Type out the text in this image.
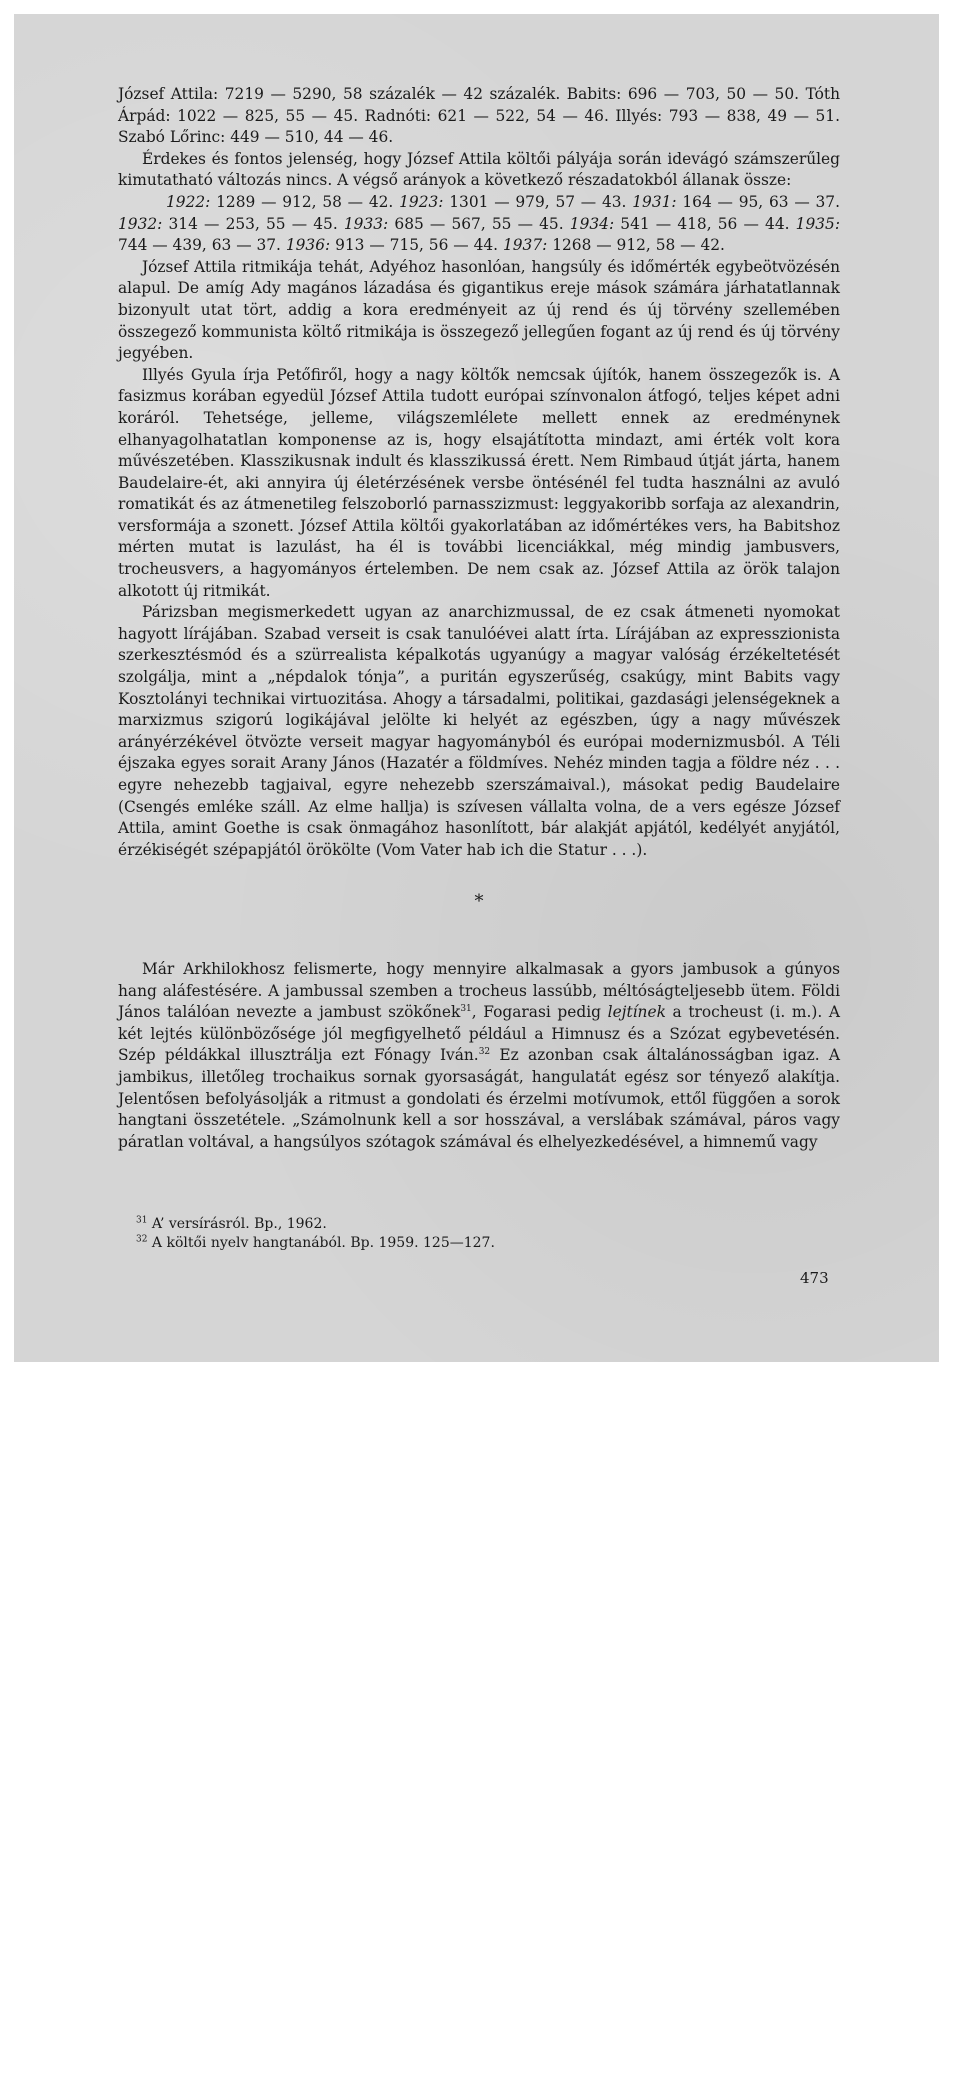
József Attila: 7219 — 5290, 58 százalék — 42 százalék. Babits: 696 — 703, 50 — 50. Tóth Árpád: 1022 — 825, 55 — 45. Radnóti: 621 — 522, 54 — 46. Illyés: 793 — 838, 49 — 51. Szabó Lőrinc: 449 — 510, 44 — 46.

Érdekes és fontos jelenség, hogy József Attila költői pályája során idevágó számszerűleg kimutatható változás nincs. A végső arányok a következő részadatokból állanak össze:

1922: 1289 — 912, 58 — 42. 1923: 1301 — 979, 57 — 43. 1931: 164 — 95, 63 — 37. 1932: 314 — 253, 55 — 45. 1933: 685 — 567, 55 — 45. 1934: 541 — 418, 56 — 44. 1935: 744 — 439, 63 — 37. 1936: 913 — 715, 56 — 44. 1937: 1268 — 912, 58 — 42.

József Attila ritmikája tehát, Adyéhoz hasonlóan, hangsúly és időmérték egybeötvözésén alapul. De amíg Ady magános lázadása és gigantikus ereje mások számára járhatatlannak bizonyult utat tört, addig a kora eredményeit az új rend és új törvény szellemében összegező kommunista költő ritmikája is összegező jellegűen fogant az új rend és új törvény jegyében.

Illyés Gyula írja Petőfiről, hogy a nagy költők nemcsak újítók, hanem összegezők is. A fasizmus korában egyedül József Attila tudott európai színvonalon átfogó, teljes képet adni koráról. Tehetsége, jelleme, világszemlélete mellett ennek az eredménynek elhanyagolhatatlan komponense az is, hogy elsajátította mindazt, ami érték volt kora művészetében. Klasszikusnak indult és klasszikussá érett. Nem Rimbaud útját járta, hanem Baudelaire-ét, aki annyira új életérzésének versbe öntésénél fel tudta használni az avuló romatikát és az átmenetileg felszoborló parnasszizmust: leggyakoribb sorfaja az alexandrin, versformája a szonett. József Attila költői gyakorlatában az időmértékes vers, ha Babitshoz mérten mutat is lazulást, ha él is további licenciákkal, még mindig jambusvers, trocheusvers, a hagyományos értelemben. De nem csak az. József Attila az örök talajon alkotott új ritmikát.

Párizsban megismerkedett ugyan az anarchizmussal, de ez csak átmeneti nyomokat hagyott lírájában. Szabad verseit is csak tanulóévei alatt írta. Lírájában az expresszionista szerkesztésmód és a szürrealista képalkotás ugyanúgy a magyar valóság érzékeltetését szolgálja, mint a „népdalok tónja”, a puritán egyszerűség, csakúgy, mint Babits vagy Kosztolányi technikai virtuozitása. Ahogy a társadalmi, politikai, gazdasági jelenségeknek a marxizmus szigorú logikájával jelölte ki helyét az egészben, úgy a nagy művészek arányérzékével ötvözte verseit magyar hagyományból és európai modernizmusból. A Téli éjszaka egyes sorait Arany János (Hazatér a földmíves. Nehéz minden tagja a földre néz . . . egyre nehezebb tagjaival, egyre nehezebb szerszámaival.), másokat pedig Baudelaire (Csengés emléke száll. Az elme hallja) is szívesen vállalta volna, de a vers egésze József Attila, amint Goethe is csak önmagához hasonlított, bár alakját apjától, kedélyét anyjától, érzékiségét szépapjától örökölte (Vom Vater hab ich die Statur . . .).

*

Már Arkhilokhosz felismerte, hogy mennyire alkalmasak a gyors jambusok a gúnyos hang aláfestésére. A jambussal szemben a trocheus lassúbb, méltóságteljesebb ütem. Földi János találóan nevezte a jambust szökőnek$^{31}$, Fogarasi pedig lejtínek a trocheust (i. m.). A két lejtés különbözősége jól megfigyelhető például a Himnusz és a Szózat egybevetésén. Szép példákkal illusztrálja ezt Fónagy Iván.$^{32}$ Ez azonban csak általánosságban igaz. A jambikus, illetőleg trochaikus sornak gyorsaságát, hangulatát egész sor tényező alakítja. Jelentősen befolyásolják a ritmust a gondolati és érzelmi motívumok, ettől függően a sorok hangtani összetétele. „Számolnunk kell a sor hosszával, a verslábak számával, páros vagy páratlan voltával, a hangsúlyos szótagok számával és elhelyezkedésével, a himnemű vagy

$^{31}$ A’ versírásról. Bp., 1962.

$^{32}$ A költői nyelv hangtanából. Bp. 1959. 125—127.

473
